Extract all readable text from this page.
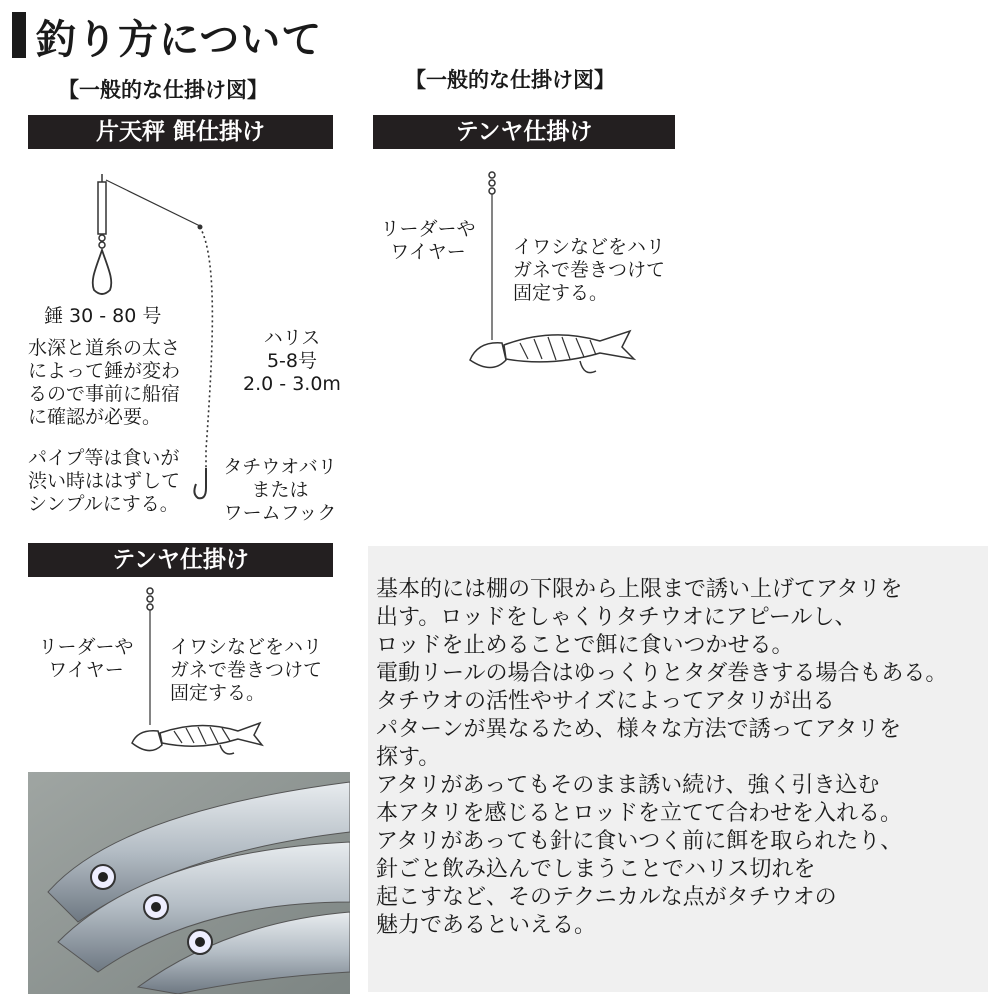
釣り方について
【一般的な仕掛け図】
片天秤 餌仕掛け
錘 30 - 80 号
水深と道糸の太さ
によって錘が変わ
るので事前に船宿
に確認が必要。
パイプ等は食いが
渋い時ははずして
シンプルにする。
ハリス
5-8号
2.0 - 3.0m
タチウオバリ
または
ワームフック
テンヤ仕掛け
リーダーや
ワイヤー
イワシなどをハリ
ガネで巻きつけて
固定する。
【一般的な仕掛け図】
テンヤ仕掛け
リーダーや
ワイヤー	イワシなどをハリ
ガネで巻きつけて
固定する。
基本的には棚の下限から上限まで誘い上げてアタリを
出す。ロッドをしゃくりタチウオにアピールし、
ロッドを止めることで餌に食いつかせる。
電動リールの場合はゆっくりとタダ巻きする場合もある。
タチウオの活性やサイズによってアタリが出る
パターンが異なるため、様々な方法で誘ってアタリを
探す。
アタリがあってもそのまま誘い続け、強く引き込む
本アタリを感じるとロッドを立てて合わせを入れる。
アタリがあっても針に食いつく前に餌を取られたり、
針ごと飲み込んでしまうことでハリス切れを
起こすなど、そのテクニカルな点がタチウオの
魅力であるといえる。
